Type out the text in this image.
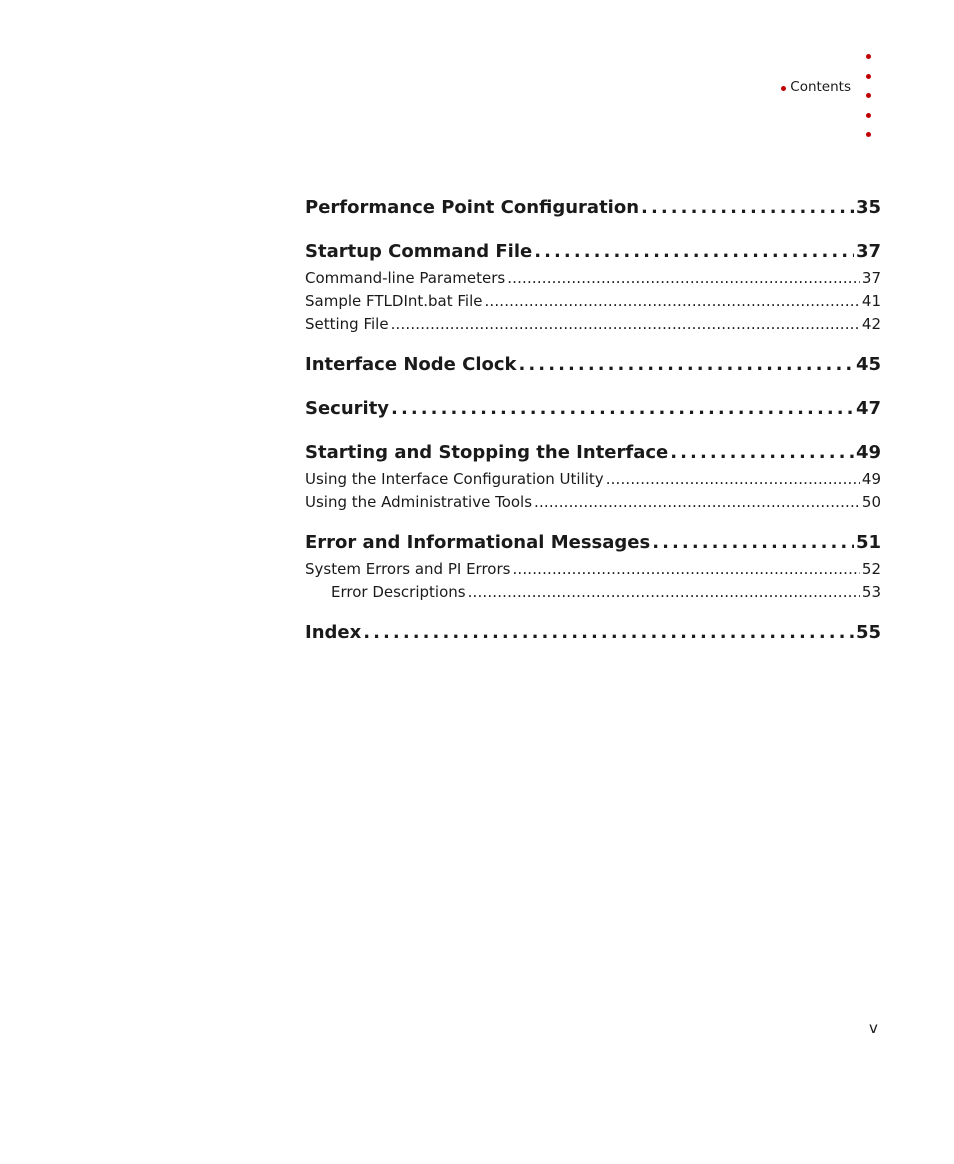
Contents
Performance Point Configuration . . .	35
Startup Command File . . .	37
Command-line Parameters . . .	37
Sample FTLDInt.bat File . . .	41
Setting File . . .	42
Interface Node Clock . . .	45
Security . . .	47
Starting and Stopping the Interface . . .	49
Using the Interface Configuration Utility . . .	49
Using the Administrative Tools . . .	50
Error and Informational Messages . . .	51
System Errors and PI Errors . . .	52
Error Descriptions . . .	53
Index . . .	55
v
